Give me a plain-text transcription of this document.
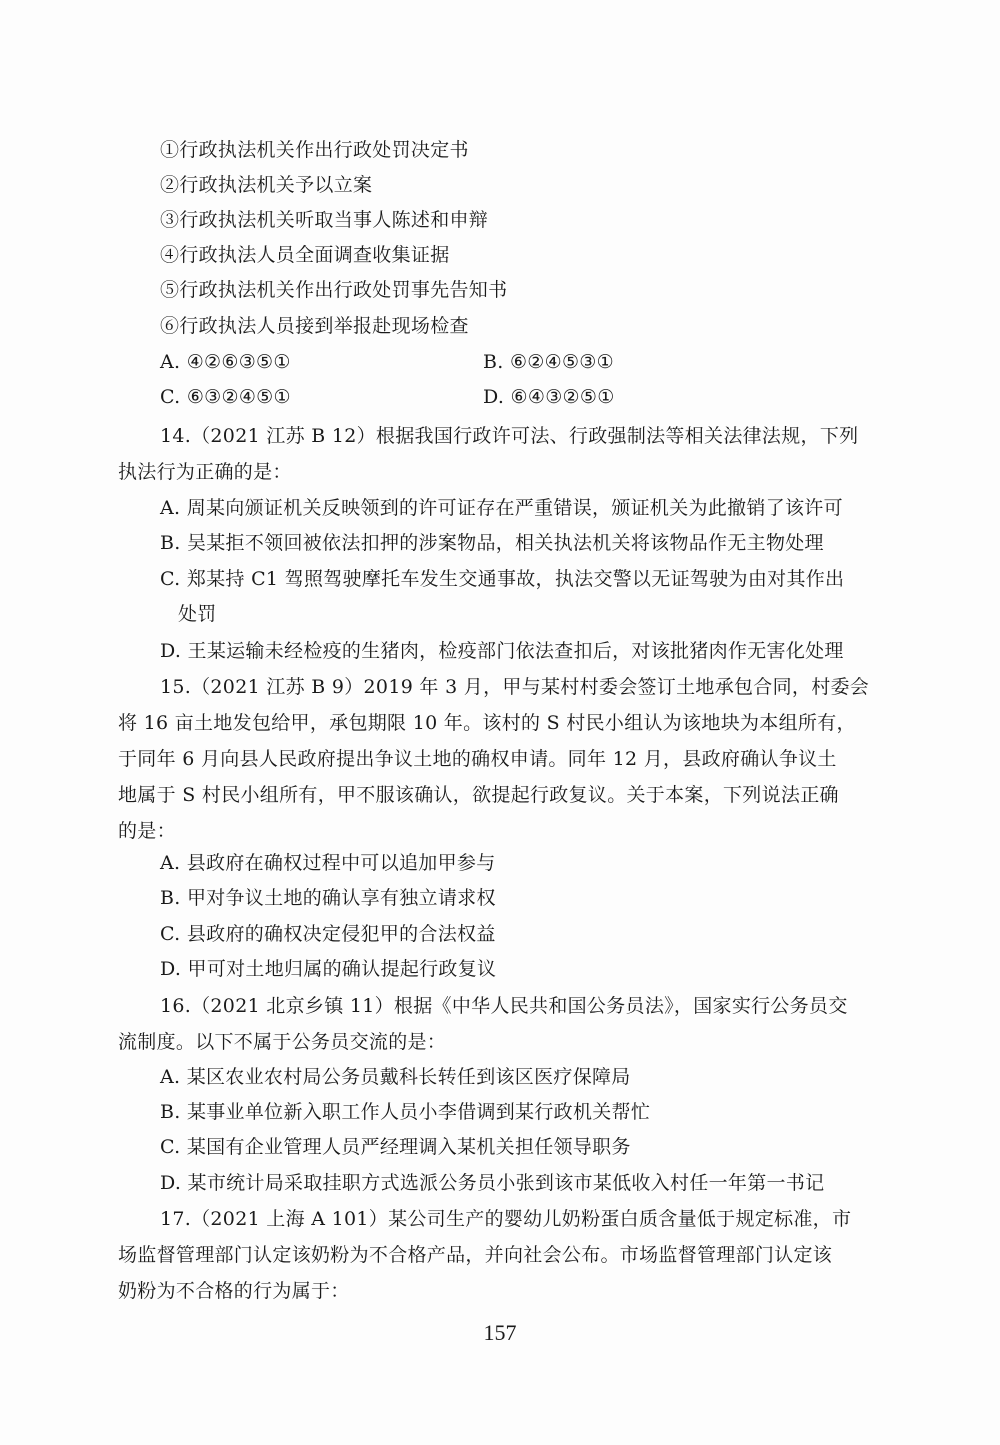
①行政执法机关作出行政处罚决定书
②行政执法机关予以立案
③行政执法机关听取当事人陈述和申辩
④行政执法人员全面调查收集证据
⑤行政执法机关作出行政处罚事先告知书
⑥行政执法人员接到举报赴现场检查
A. ④②⑥③⑤①	B. ⑥②④⑤③①
C. ⑥③②④⑤①	D. ⑥④③②⑤①
14.（2021 江苏 B 12）根据我国行政许可法、行政强制法等相关法律法规，下列
执法行为正确的是：
A. 周某向颁证机关反映领到的许可证存在严重错误，颁证机关为此撤销了该许可
B. 吴某拒不领回被依法扣押的涉案物品，相关执法机关将该物品作无主物处理
C. 郑某持 C1 驾照驾驶摩托车发生交通事故，执法交警以无证驾驶为由对其作出
处罚
D. 王某运输未经检疫的生猪肉，检疫部门依法查扣后，对该批猪肉作无害化处理
15.（2021 江苏 B 9）2019 年 3 月，甲与某村村委会签订土地承包合同，村委会
将 16 亩土地发包给甲，承包期限 10 年。该村的 S 村民小组认为该地块为本组所有，
于同年 6 月向县人民政府提出争议土地的确权申请。同年 12 月，县政府确认争议土
地属于 S 村民小组所有，甲不服该确认，欲提起行政复议。关于本案，下列说法正确
的是：
A. 县政府在确权过程中可以追加甲参与
B. 甲对争议土地的确认享有独立请求权
C. 县政府的确权决定侵犯甲的合法权益
D. 甲可对土地归属的确认提起行政复议
16.（2021 北京乡镇 11）根据《中华人民共和国公务员法》，国家实行公务员交
流制度。以下不属于公务员交流的是：
A. 某区农业农村局公务员戴科长转任到该区医疗保障局
B. 某事业单位新入职工作人员小李借调到某行政机关帮忙
C. 某国有企业管理人员严经理调入某机关担任领导职务
D. 某市统计局采取挂职方式选派公务员小张到该市某低收入村任一年第一书记
17.（2021 上海 A 101）某公司生产的婴幼儿奶粉蛋白质含量低于规定标准，市
场监督管理部门认定该奶粉为不合格产品，并向社会公布。市场监督管理部门认定该
奶粉为不合格的行为属于：
157
